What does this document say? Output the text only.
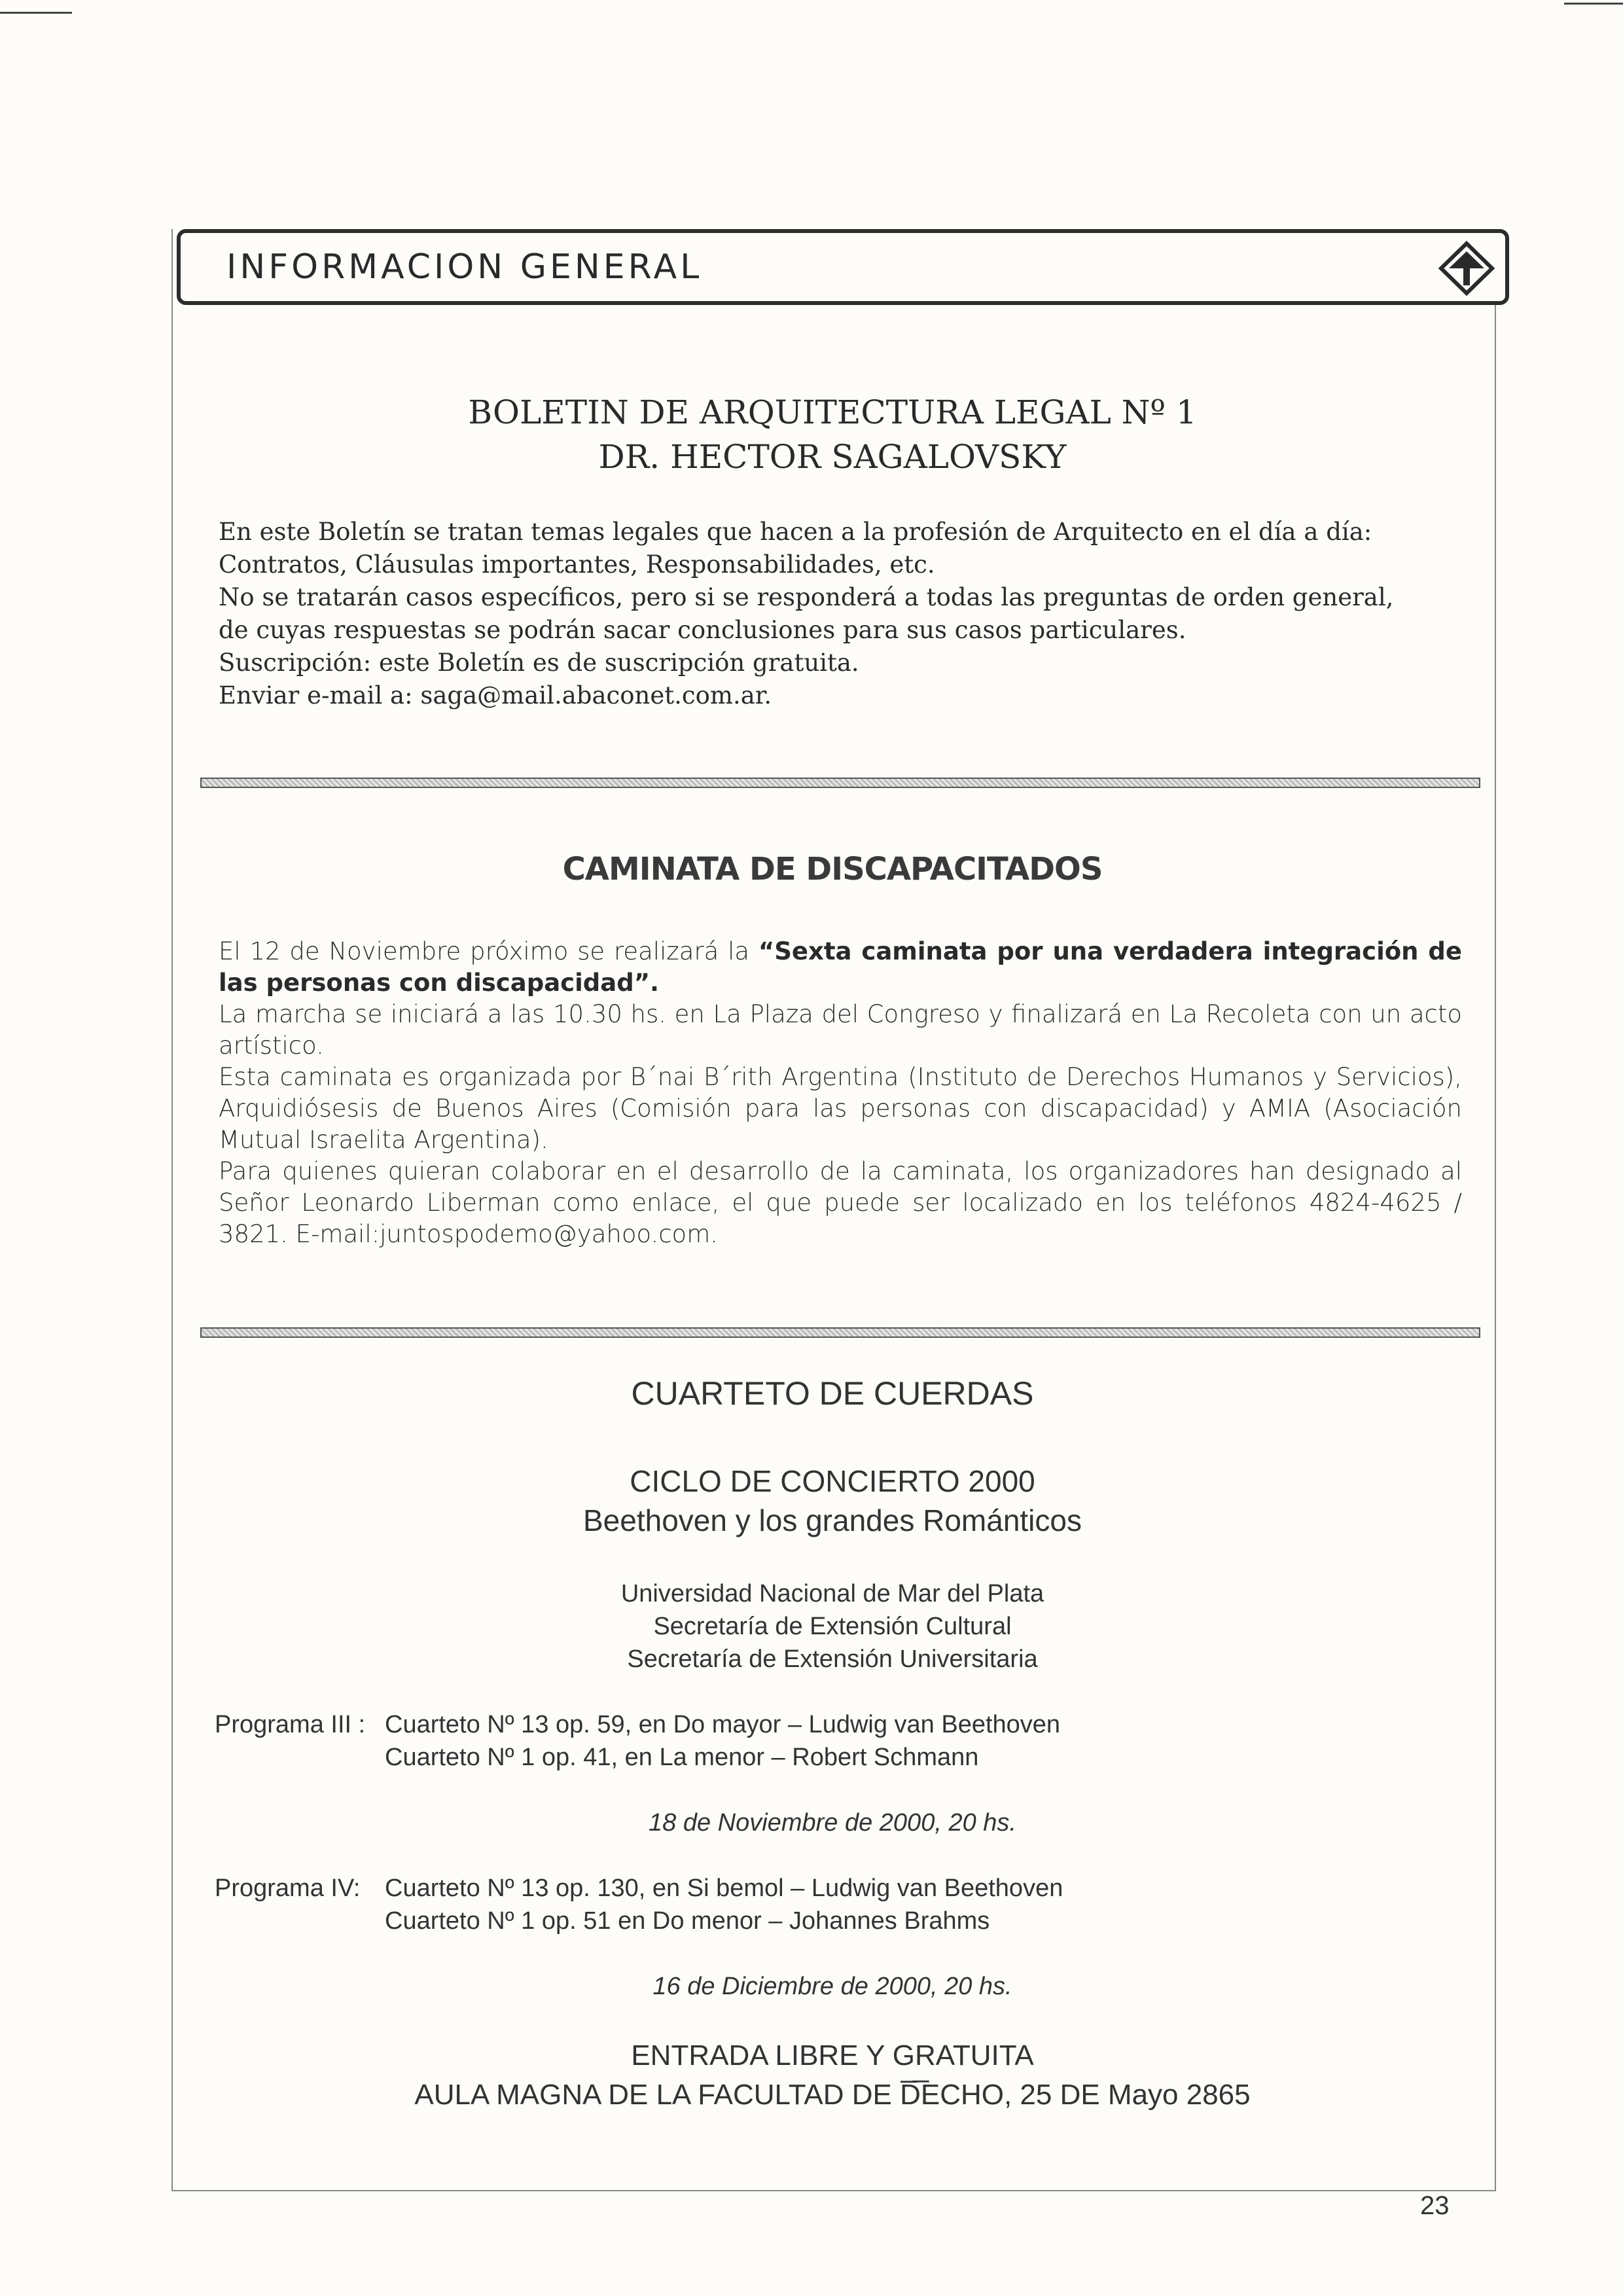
INFORMACION GENERAL
BOLETIN DE ARQUITECTURA LEGAL Nº 1
DR. HECTOR SAGALOVSKY

En este Boletín se tratan temas legales que hacen a la profesión de Arquitecto en el día a día:

Contratos, Cláusulas importantes, Responsabilidades, etc.

No se tratarán casos específicos, pero si se responderá a todas las preguntas de orden general,

de cuyas respuestas se podrán sacar conclusiones para sus casos particulares.

Suscripción: este Boletín es de suscripción gratuita.

Enviar e-mail a: saga@mail.abaconet.com.ar.

CAMINATA DE DISCAPACITADOS

El 12 de Noviembre próximo se realizará la “Sexta caminata por una verdadera integración de las personas con discapacidad”.

La marcha se iniciará a las 10.30 hs. en La Plaza del Congreso y finalizará en La Recoleta con un acto artístico.

Esta caminata es organizada por B´nai B´rith Argentina (Instituto de Derechos Humanos y Servicios), Arquidiósesis de Buenos Aires (Comisión para las personas con discapacidad) y AMIA (Asociación Mutual Israelita Argentina).

Para quienes quieran colaborar en el desarrollo de la caminata, los organizadores han designado al Señor Leonardo Liberman como enlace, el que puede ser localizado en los teléfonos 4824-4625 / 3821. E-mail:juntospodemo@yahoo.com.

CUARTETO DE CUERDAS
CICLO DE CONCIERTO 2000
Beethoven y los grandes Románticos
Universidad Nacional de Mar del Plata
Secretaría de Extensión Cultural
Secretaría de Extensión Universitaria
Programa III : Cuarteto Nº 13 op. 59, en Do mayor – Ludwig van Beethoven
Cuarteto Nº 1 op. 41, en La menor – Robert Schmann
18 de Noviembre de 2000, 20 hs.
Programa IV: Cuarteto Nº 13 op. 130, en Si bemol – Ludwig van Beethoven
Cuarteto Nº 1 op. 51 en Do menor – Johannes Brahms
16 de Diciembre de 2000, 20 hs.
ENTRADA LIBRE Y GRATUITA
AULA MAGNA DE LA FACULTAD DE D̅̅ECHO, 25 DE Mayo 2865
23
